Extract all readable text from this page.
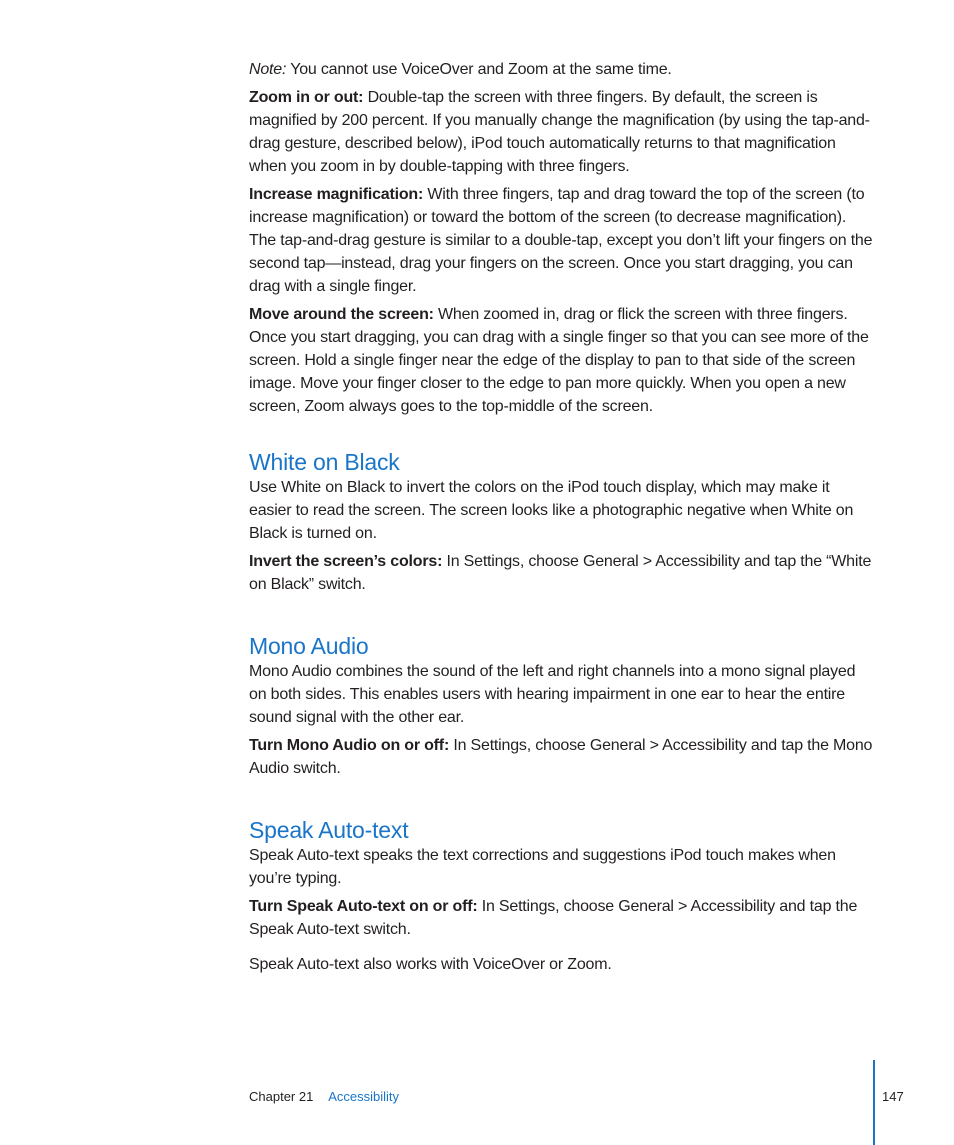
Note: You cannot use VoiceOver and Zoom at the same time.

Zoom in or out: Double-tap the screen with three fingers. By default, the screen is magnified by 200 percent. If you manually change the magnification (by using the tap-and-drag gesture, described below), iPod touch automatically returns to that magnification when you zoom in by double-tapping with three fingers.

Increase magnification: With three fingers, tap and drag toward the top of the screen (to increase magnification) or toward the bottom of the screen (to decrease magnification). The tap-and-drag gesture is similar to a double-tap, except you don’t lift your fingers on the second tap—instead, drag your fingers on the screen. Once you start dragging, you can drag with a single finger.

Move around the screen: When zoomed in, drag or flick the screen with three fingers. Once you start dragging, you can drag with a single finger so that you can see more of the screen. Hold a single finger near the edge of the display to pan to that side of the screen image. Move your finger closer to the edge to pan more quickly. When you open a new screen, Zoom always goes to the top-middle of the screen.

White on Black

Use White on Black to invert the colors on the iPod touch display, which may make it easier to read the screen. The screen looks like a photographic negative when White on Black is turned on.

Invert the screen’s colors: In Settings, choose General > Accessibility and tap the “White on Black” switch.

Mono Audio

Mono Audio combines the sound of the left and right channels into a mono signal played on both sides. This enables users with hearing impairment in one ear to hear the entire sound signal with the other ear.

Turn Mono Audio on or off: In Settings, choose General > Accessibility and tap the Mono Audio switch.

Speak Auto-text

Speak Auto-text speaks the text corrections and suggestions iPod touch makes when you’re typing.

Turn Speak Auto-text on or off: In Settings, choose General > Accessibility and tap the Speak Auto-text switch.

Speak Auto-text also works with VoiceOver or Zoom.

Chapter 21 Accessibility	147
